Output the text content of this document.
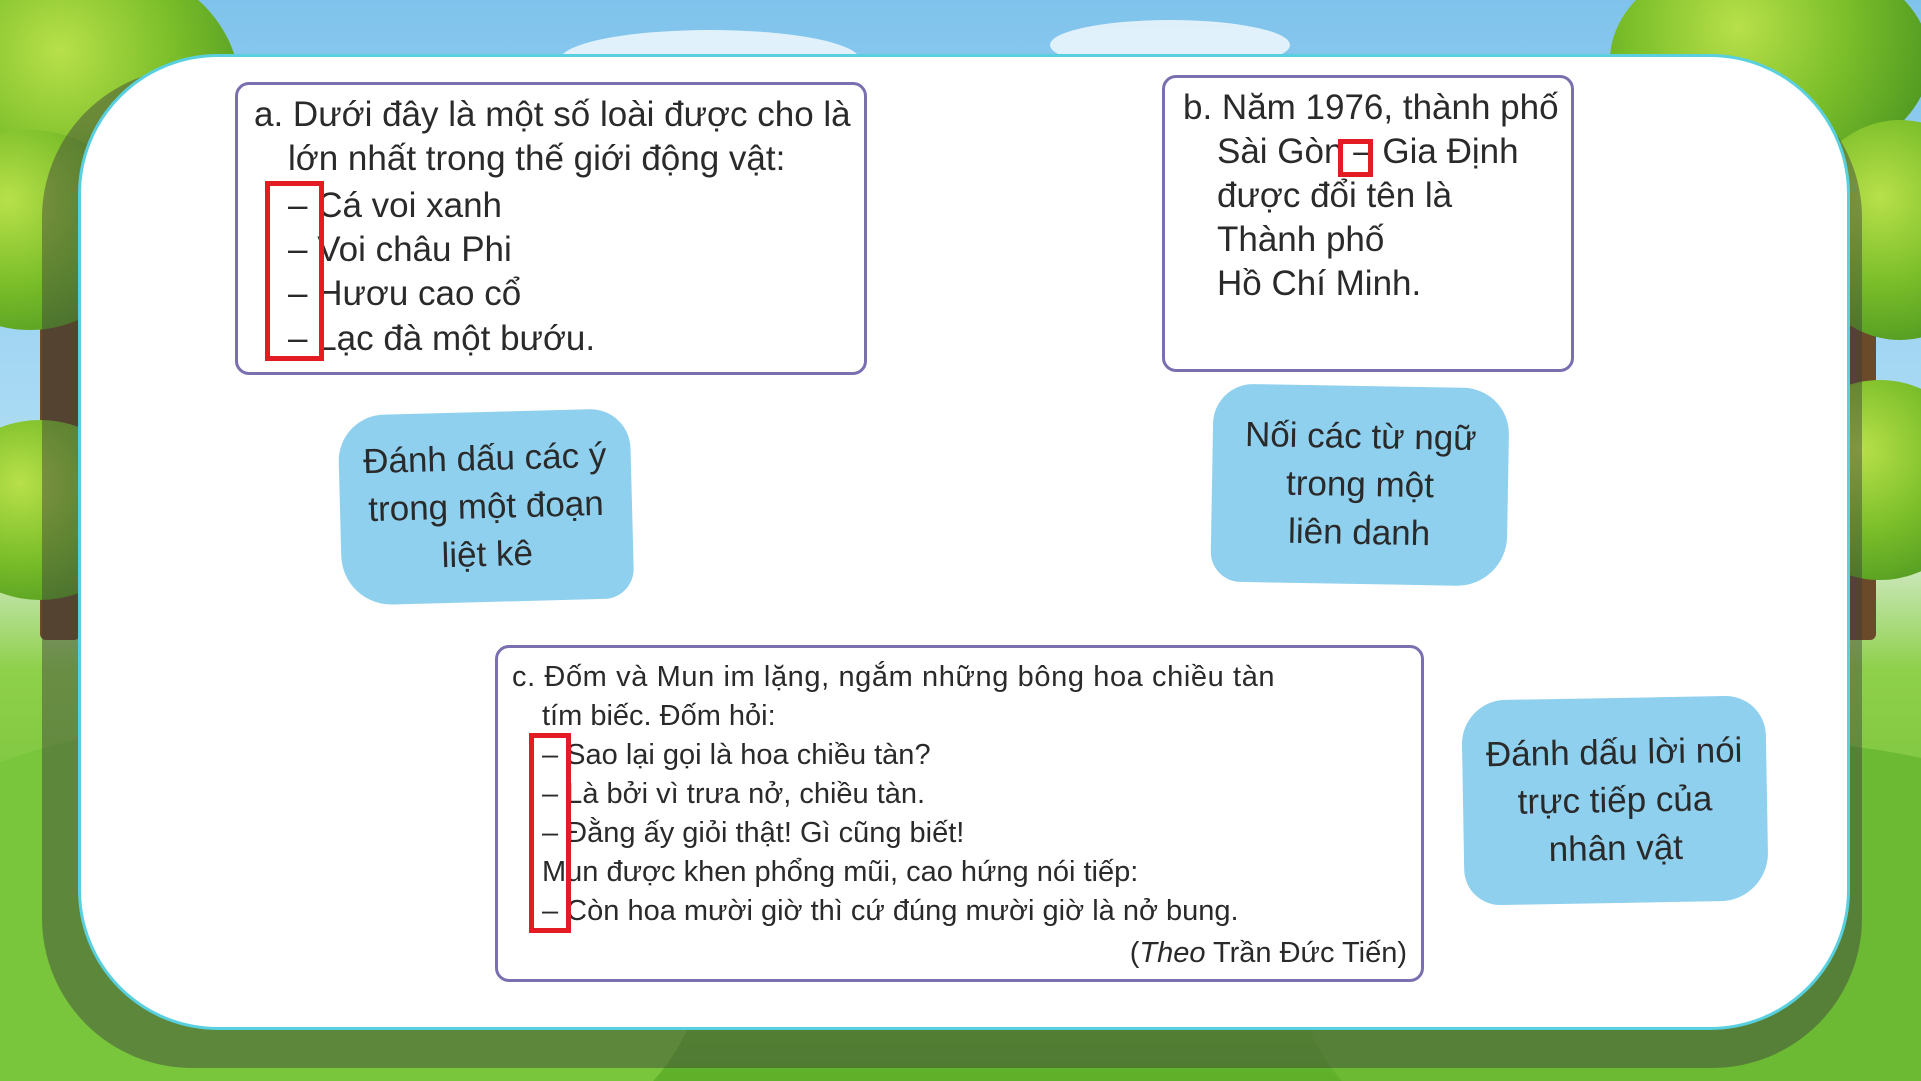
a. Dưới đây là một số loài được cho là
lớn nhất trong thế giới động vật:
– Cá voi xanh
– Voi châu Phi
– Hươu cao cổ
– Lạc đà một bướu.
b. Năm 1976, thành phố
Sài Gòn – Gia Định
được đổi tên là
Thành phố
Hồ Chí Minh.
c. Đốm và Mun im lặng, ngắm những bông hoa chiều tàn
tím biếc. Đốm hỏi:
– Sao lại gọi là hoa chiều tàn?
– Là bởi vì trưa nở, chiều tàn.
– Đằng ấy giỏi thật! Gì cũng biết!
Mun được khen phổng mũi, cao hứng nói tiếp:
– Còn hoa mười giờ thì cứ đúng mười giờ là nở bung.
(Theo Trần Đức Tiến)
Đánh dấu các ý
trong một đoạn
liệt kê
Nối các từ ngữ
trong một
liên danh
Đánh dấu lời nói
trực tiếp của
nhân vật
